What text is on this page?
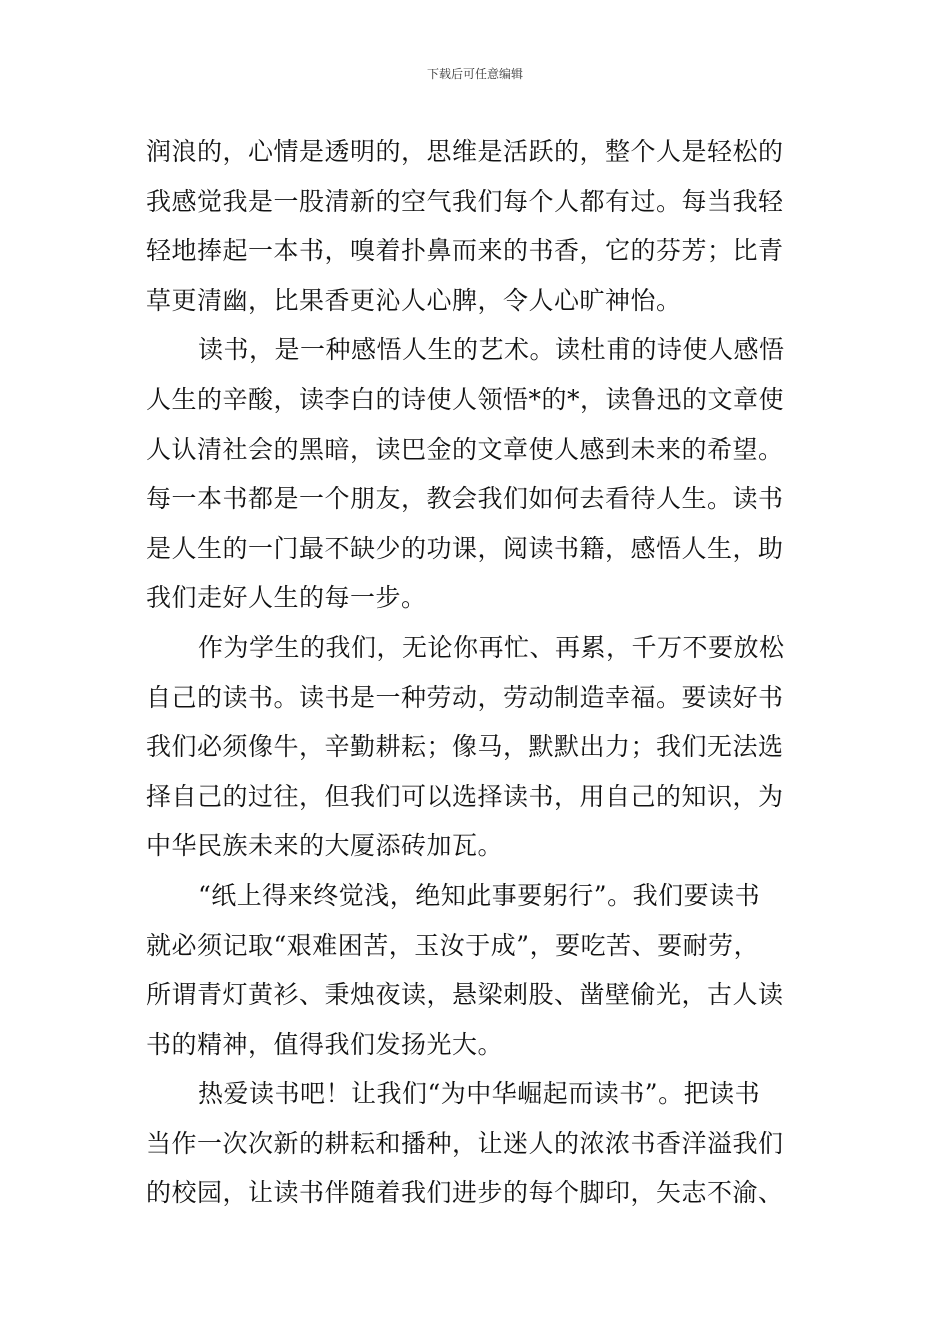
下载后可任意编辑
润浪的，心情是透明的，思维是活跃的，整个人是轻松的
我感觉我是一股清新的空气我们每个人都有过。每当我轻
轻地捧起一本书，嗅着扑鼻而来的书香，它的芬芳；比青
草更清幽，比果香更沁人心脾，令人心旷神怡。
读书，是一种感悟人生的艺术。读杜甫的诗使人感悟
人生的辛酸，读李白的诗使人领悟*的*，读鲁迅的文章使
人认清社会的黑暗，读巴金的文章使人感到未来的希望。
每一本书都是一个朋友，教会我们如何去看待人生。读书
是人生的一门最不缺少的功课，阅读书籍，感悟人生，助
我们走好人生的每一步。
作为学生的我们，无论你再忙、再累，千万不要放松
自己的读书。读书是一种劳动，劳动制造幸福。要读好书
我们必须像牛，辛勤耕耘；像马，默默出力；我们无法选
择自己的过往，但我们可以选择读书，用自己的知识，为
中华民族未来的大厦添砖加瓦。
“纸上得来终觉浅，绝知此事要躬行”。我们要读书
就必须记取“艰难困苦，玉汝于成”，要吃苦、要耐劳，
所谓青灯黄衫、秉烛夜读，悬梁刺股、凿壁偷光，古人读
书的精神，值得我们发扬光大。
热爱读书吧！让我们“为中华崛起而读书”。把读书
当作一次次新的耕耘和播种，让迷人的浓浓书香洋溢我们
的校园，让读书伴随着我们进步的每个脚印，矢志不渝、
